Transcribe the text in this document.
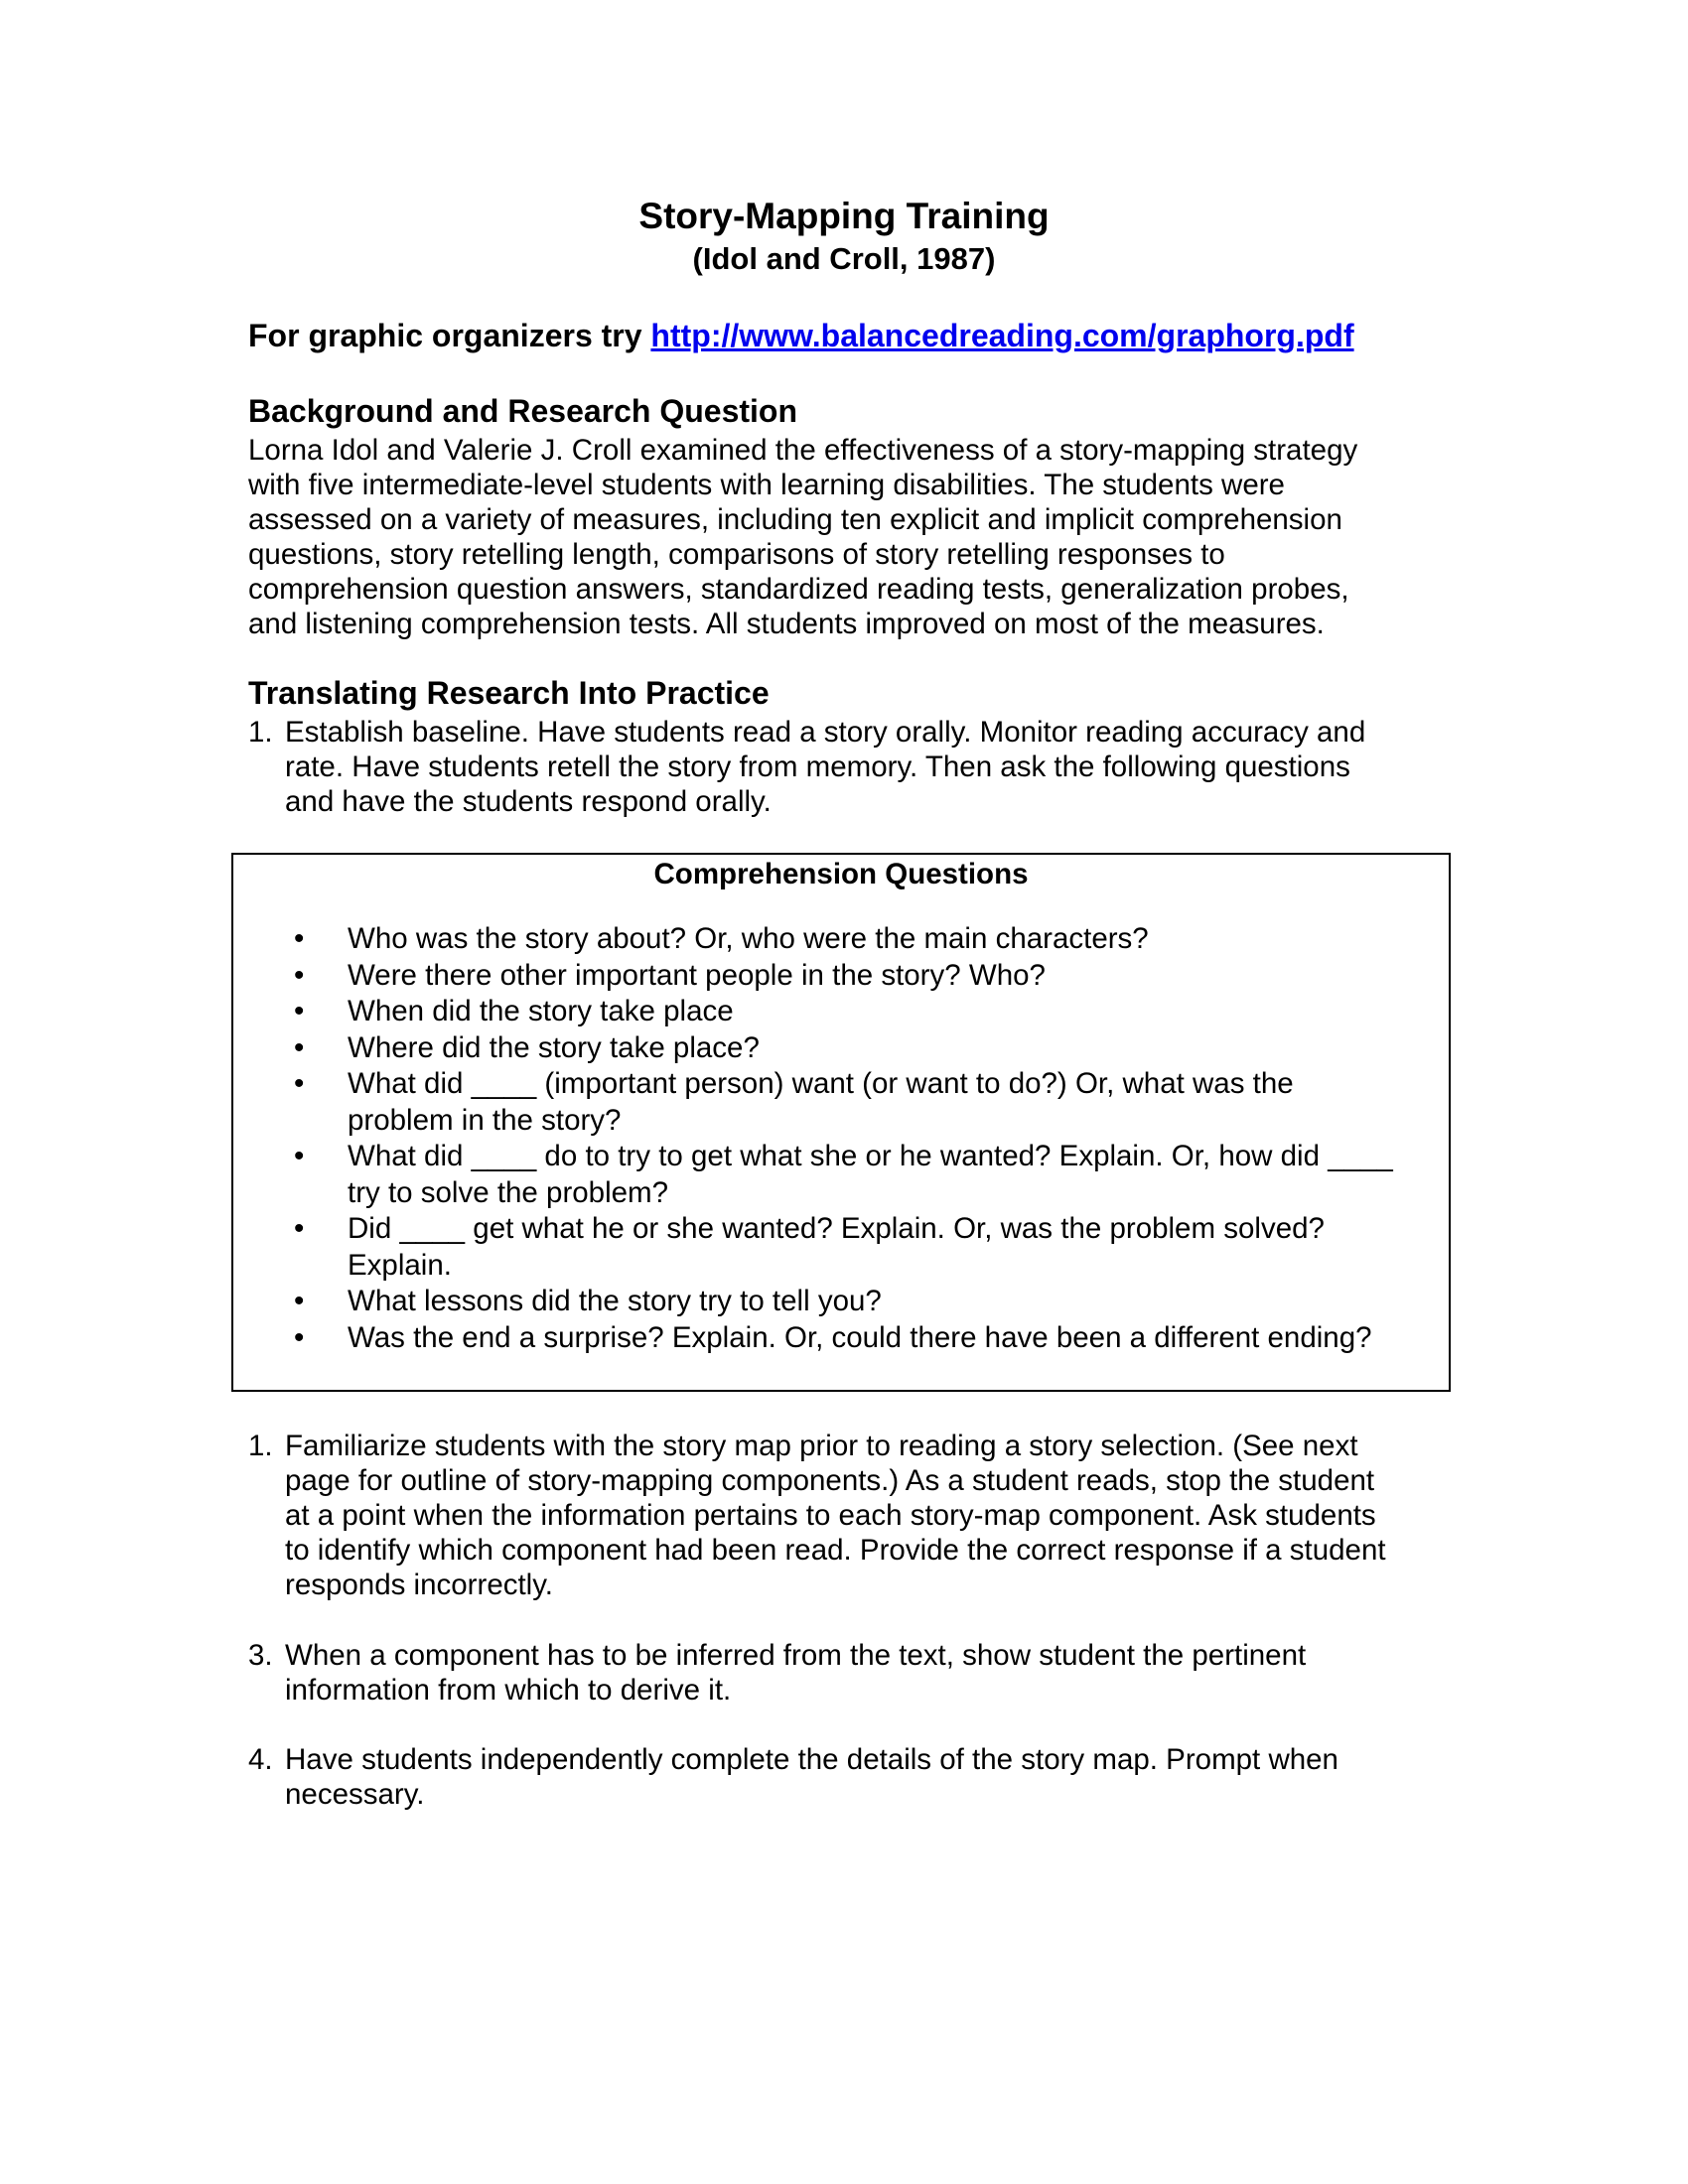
Story-Mapping Training
(Idol and Croll, 1987)
For graphic organizers try http://www.balancedreading.com/graphorg.pdf
Background and Research Question
Lorna Idol and Valerie J. Croll examined the effectiveness of a story-mapping strategy
with five intermediate-level students with learning disabilities. The students were
assessed on a variety of measures, including ten explicit and implicit comprehension
questions, story retelling length, comparisons of story retelling responses to
comprehension question answers, standardized reading tests, generalization probes,
and listening comprehension tests. All students improved on most of the measures.
Translating Research Into Practice
1. Establish baseline. Have students read a story orally. Monitor reading accuracy and
rate. Have students retell the story from memory. Then ask the following questions
and have the students respond orally.
Comprehension Questions
• Who was the story about? Or, who were the main characters?
• Were there other important people in the story? Who?
• When did the story take place
• Where did the story take place?
• What did ____ (important person) want (or want to do?) Or, what was the
problem in the story?
• What did ____ do to try to get what she or he wanted? Explain. Or, how did ____
try to solve the problem?
• Did ____ get what he or she wanted? Explain. Or, was the problem solved?
Explain.
• What lessons did the story try to tell you?
• Was the end a surprise? Explain. Or, could there have been a different ending?
1. Familiarize students with the story map prior to reading a story selection. (See next
page for outline of story-mapping components.) As a student reads, stop the student
at a point when the information pertains to each story-map component. Ask students
to identify which component had been read. Provide the correct response if a student
responds incorrectly.
3. When a component has to be inferred from the text, show student the pertinent
information from which to derive it.
4. Have students independently complete the details of the story map. Prompt when
necessary.
